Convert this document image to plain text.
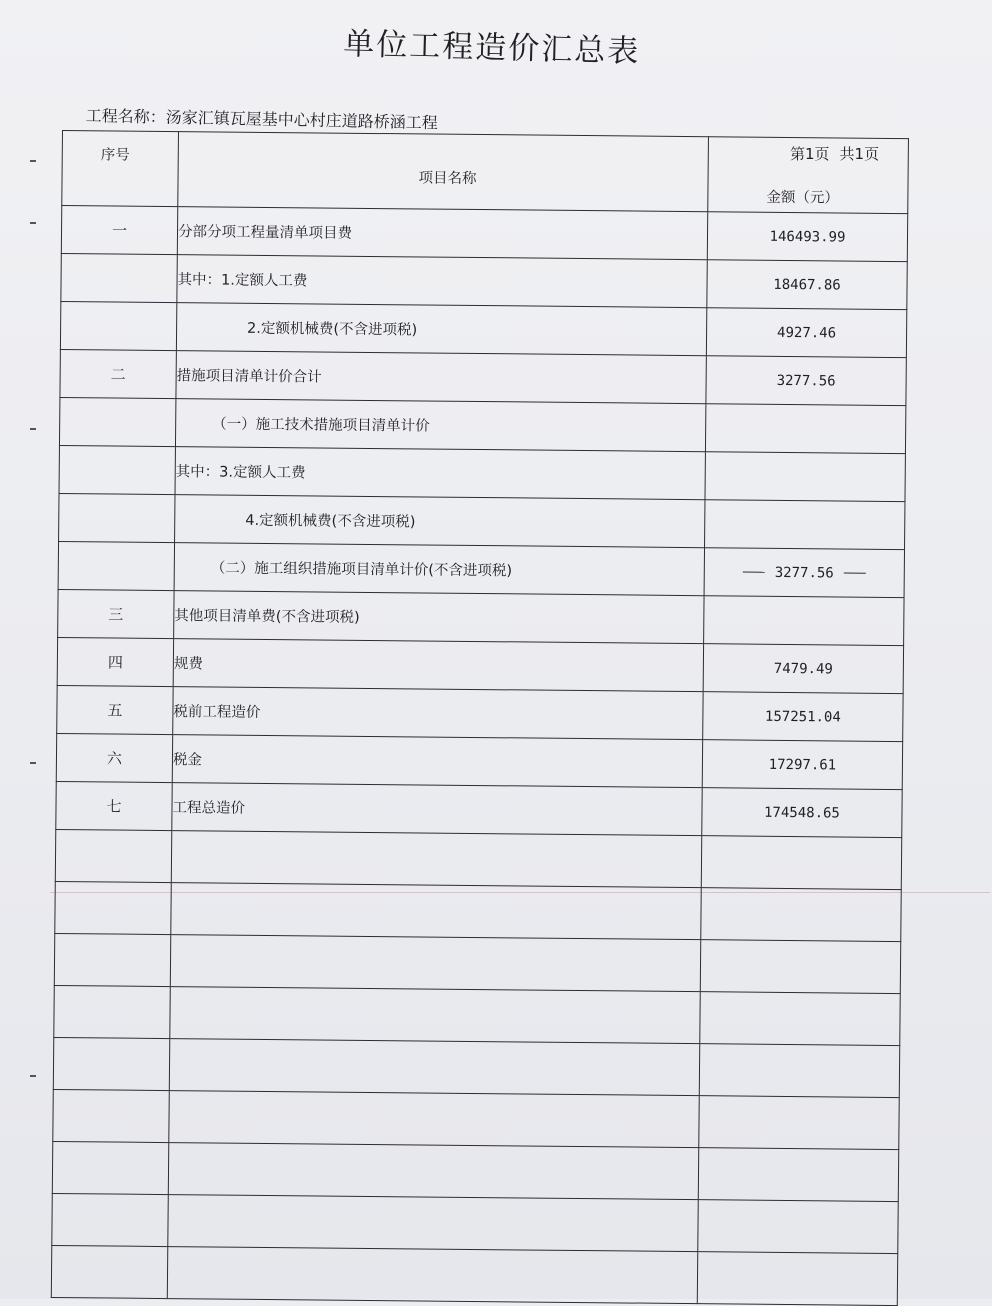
单位工程造价汇总表
工程名称：汤家汇镇瓦屋基中心村庄道路桥涵工程
第1页 共1页
序号	项目名称	金额（元）

一	分部分项工程量清单项目费	146493.99
	其中：1.定额人工费	18467.86
	2.定额机械费(不含进项税)	4927.46
二	措施项目清单计价合计	3277.56
	（一）施工技术措施项目清单计价	
	其中：3.定额人工费	
	4.定额机械费(不含进项税)	
	（二）施工组织措施项目清单计价(不含进项税)	3277.56
三	其他项目清单费(不含进项税)	
四	规费	7479.49
五	税前工程造价	157251.04
六	税金	17297.61
七	工程总造价	174548.65
